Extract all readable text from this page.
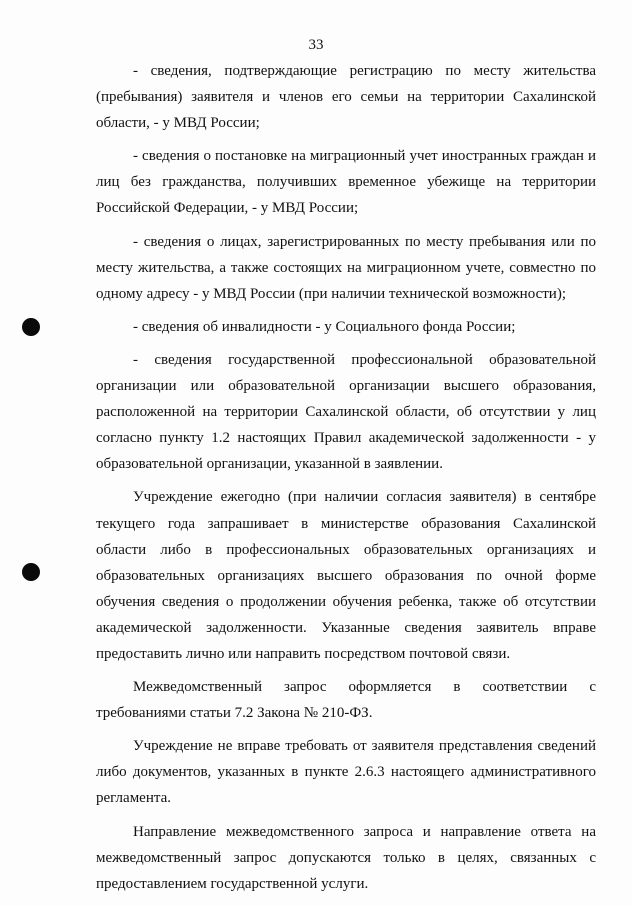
33

- сведения, подтверждающие регистрацию по месту жительства (пребывания) заявителя и членов его семьи на территории Сахалинской области, - у МВД России;

- сведения о постановке на миграционный учет иностранных граждан и лиц без гражданства, получивших временное убежище на территории Российской Федерации, - у МВД России;

- сведения о лицах, зарегистрированных по месту пребывания или по месту жительства, а также состоящих на миграционном учете, совместно по одному адресу - у МВД России (при наличии технической возможности);

- сведения об инвалидности - у Социального фонда России;

- сведения государственной профессиональной образовательной организации или образовательной организации высшего образования, расположенной на территории Сахалинской области, об отсутствии у лиц согласно пункту 1.2 настоящих Правил академической задолженности - у образовательной организации, указанной в заявлении.

Учреждение ежегодно (при наличии согласия заявителя) в сентябре текущего года запрашивает в министерстве образования Сахалинской области либо в профессиональных образовательных организациях и образовательных организациях высшего образования по очной форме обучения сведения о продолжении обучения ребенка, также об отсутствии академической задолженности. Указанные сведения заявитель вправе предоставить лично или направить посредством почтовой связи.

Межведомственный запрос оформляется в соответствии с требованиями статьи 7.2 Закона № 210-ФЗ.

Учреждение не вправе требовать от заявителя представления сведений либо документов, указанных в пункте 2.6.3 настоящего административного регламента.

Направление межведомственного запроса и направление ответа на межведомственный запрос допускаются только в целях, связанных с предоставлением государственной услуги.
